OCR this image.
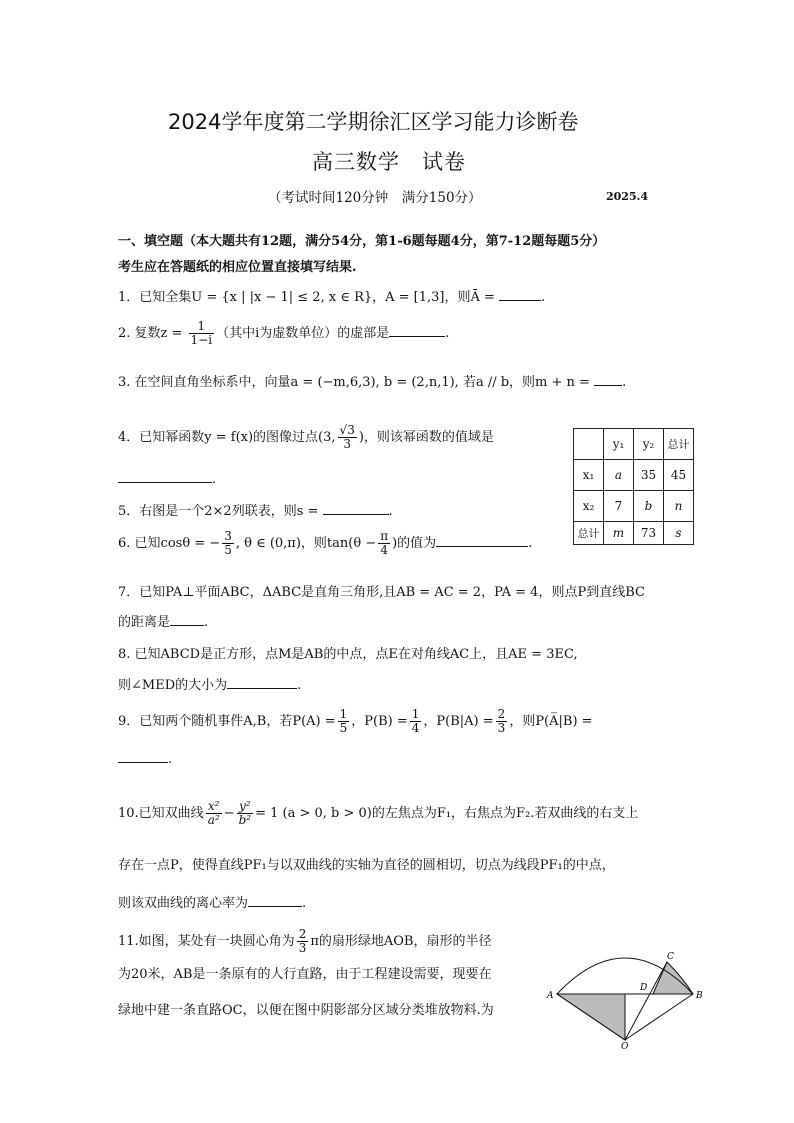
2024学年度第二学期徐汇区学习能力诊断卷
高三数学　试卷
（考试时间120分钟　满分150分）	2025.4
一、填空题（本大题共有12题，满分54分，第1-6题每题4分，第7-12题每题5分）
考生应在答题纸的相应位置直接填写结果.
1．已知全集U = {x | |x − 1| ≤ 2, x ∈ R}，A = [1,3]，则Ā =	.
2. 复数$z = \frac{1}{1-i}$ （其中i为虚数单位）的虚部是	.
3. 在空间直角坐标系中，向量a = (−m,6,3), b = (2,n,1), 若a // b，则m + n = .
4．已知幂函数y = f(x)的图像过点(3, $\frac{√3}{3}$ )，则该幂函数的值域是
.
	y₁	y₂	总计
x₁	a	35	45
x₂	7	b	n
总计	m	73	s
5．右图是一个2×2列联表，则s =	.
6. 已知cosθ = − $\frac{3}{5}$ , θ ∈ (0,π)，则$\tan(\theta - \frac{\pi}{4}$ )的值为	.
7．已知PA⊥平面ABC，ΔABC是直角三角形,且AB = AC = 2，PA = 4，则点P到直线BC
的距离是	.
8. 已知ABCD是正方形，点M是AB的中点，点E在对角线AC上，且AE = 3EC,
则∠MED的大小为	.
9．已知两个随机事件A,B，若$P(A) = \frac{1}{5}$ ，$P(B) = \frac{1}{4}$ ，$P(B|A) = \frac{2}{3}$ ，则P(A̅|B) =
.
10.已知双曲线 $\frac{\text{x²}}{\text{a²}} - \frac{\text{y²}}{\text{b²}} = 1$ (a > 0, b > 0)的左焦点为F₁，右焦点为F₂.若双曲线的右支上
存在一点P，使得直线PF₁与以双曲线的实轴为直径的圆相切，切点为线段PF₁的中点，
则该双曲线的离心率为	.
11.如图，某处有一块圆心角为 $\frac{2}{3}$ π的扇形绿地AOB，扇形的半径
为20米，AB是一条原有的人行直路，由于工程建设需要，现要在
绿地中建一条直路OC，以便在图中阴影部分区域分类堆放物料.为
A	B
C
D
O
